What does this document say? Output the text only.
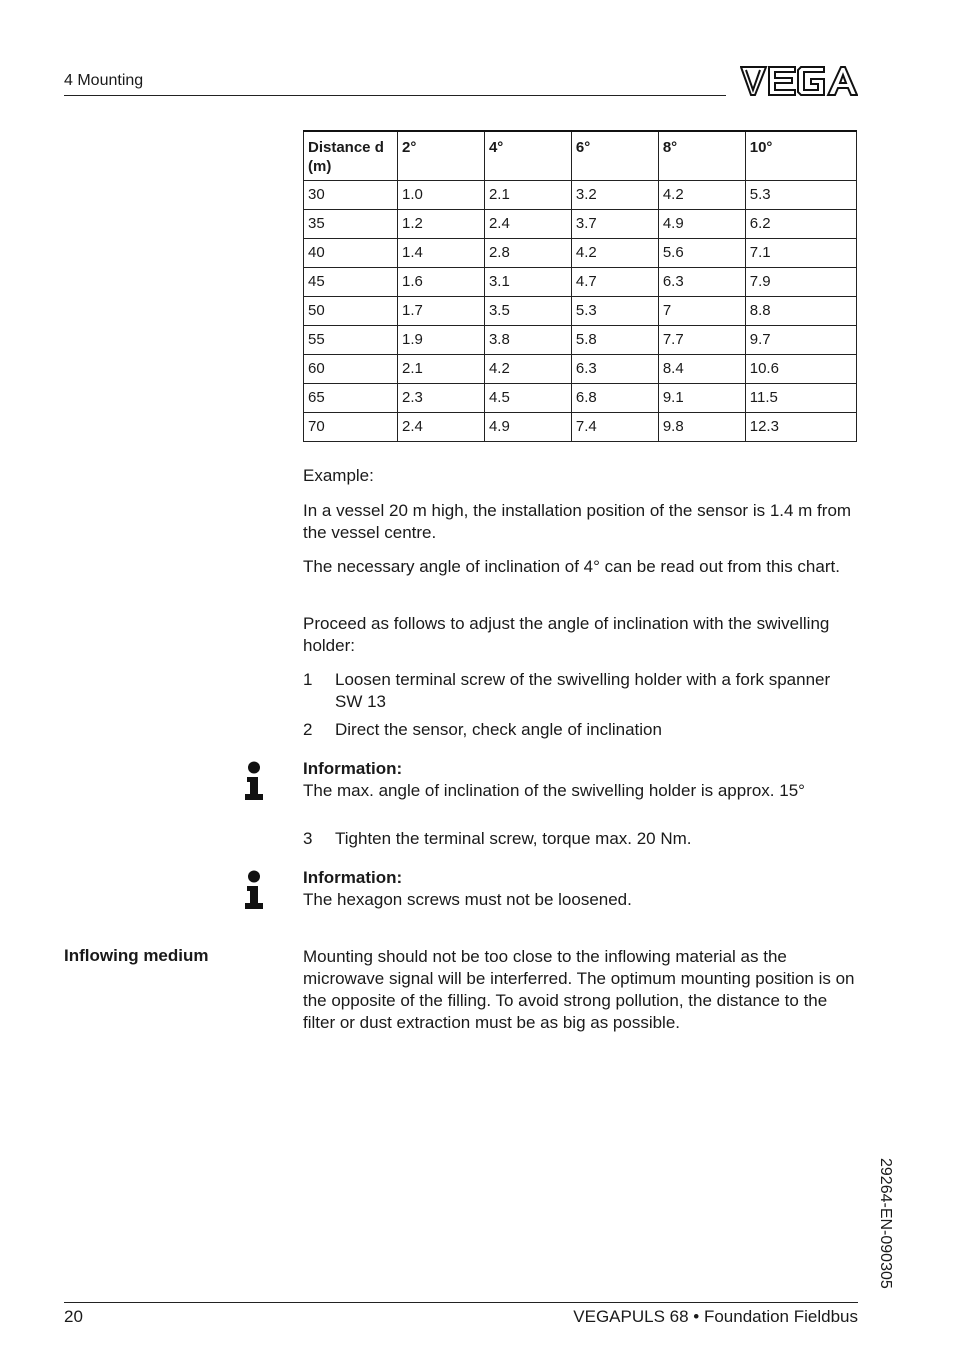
4 Mounting
Distance d (m)	2°	4°	6°	8°	10°
30	1.0	2.1	3.2	4.2	5.3
35	1.2	2.4	3.7	4.9	6.2
40	1.4	2.8	4.2	5.6	7.1
45	1.6	3.1	4.7	6.3	7.9
50	1.7	3.5	5.3	7	8.8
55	1.9	3.8	5.8	7.7	9.7
60	2.1	4.2	6.3	8.4	10.6
65	2.3	4.5	6.8	9.1	11.5
70	2.4	4.9	7.4	9.8	12.3
Example:
In a vessel 20 m high, the installation position of the sensor is 1.4 m from the vessel centre.
The necessary angle of inclination of 4° can be read out from this chart.
Proceed as follows to adjust the angle of inclination with the swivelling holder:
1 Loosen terminal screw of the swivelling holder with a fork spanner SW 13
2 Direct the sensor, check angle of inclination
Information:
The max. angle of inclination of the swivelling holder is approx. 15°
3 Tighten the terminal screw, torque max. 20 Nm.
Information:
The hexagon screws must not be loosened.
Inflowing medium	Mounting should not be too close to the inflowing material as the microwave signal will be interferred. The optimum mounting position is on the opposite of the filling. To avoid strong pollution, the distance to the filter or dust extraction must be as big as possible.
29264-EN-090305
20	VEGAPULS 68 • Foundation Fieldbus
